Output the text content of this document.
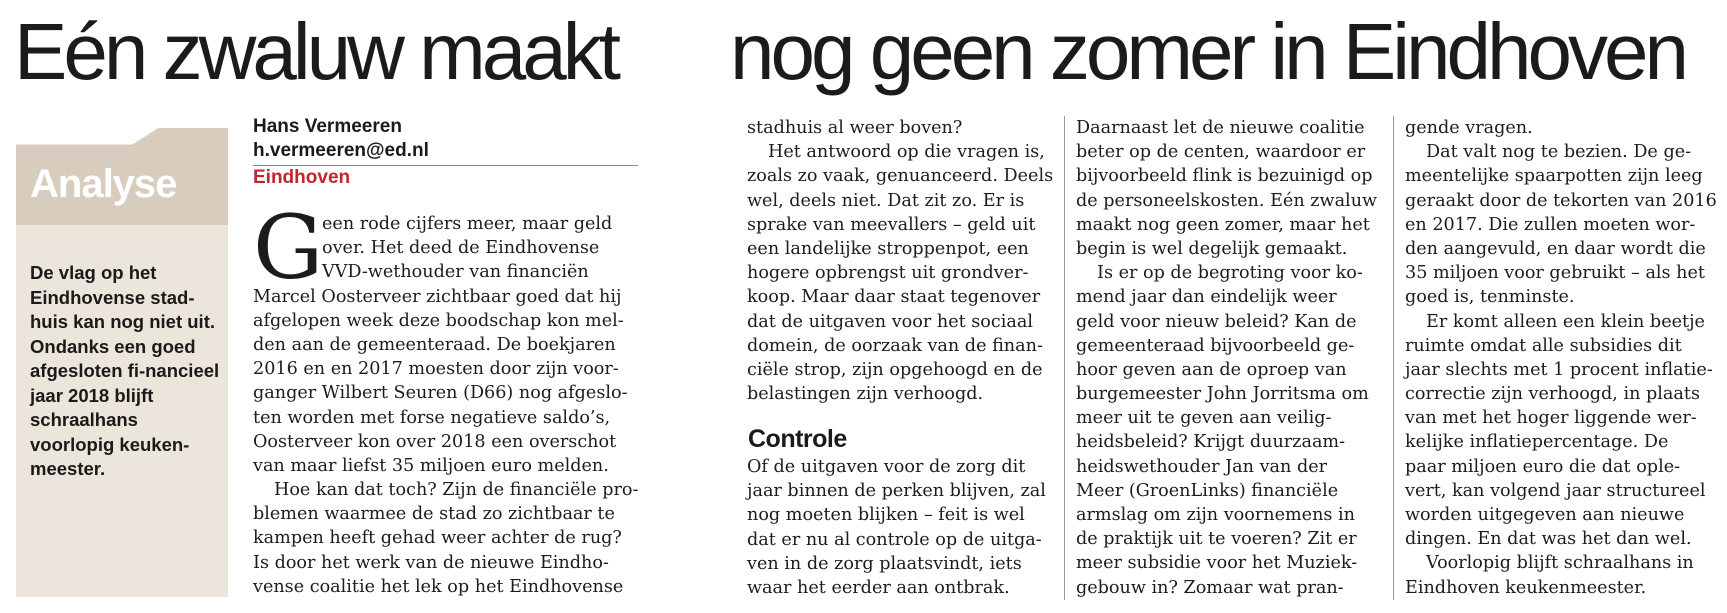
Eén zwaluw maakt nog geen zomer in Eindhoven

Analyse

De vlag op het Eindhovense stad-huis kan nog niet uit. Ondanks een goed afgesloten fi-nancieel jaar 2018 blijft schraalhans voorlopig keuken-meester.

Hans Vermeeren
h.vermeeren@ed.nl
Eindhoven
G
een rode cijfers meer, maar geld
over. Het deed de Eindhovense
VVD-wethouder van financiën
Marcel Oosterveer zichtbaar goed dat hij
afgelopen week deze boodschap kon mel-
den aan de gemeenteraad. De boekjaren
2016 en en 2017 moesten door zijn voor-
ganger Wilbert Seuren (D66) nog afgeslo-
ten worden met forse negatieve saldo’s,
Oosterveer kon over 2018 een overschot
van maar liefst 35 miljoen euro melden.
Hoe kan dat toch? Zijn de financiële pro-
blemen waarmee de stad zo zichtbaar te
kampen heeft gehad weer achter de rug?
Is door het werk van de nieuwe Eindho-
vense coalitie het lek op het Eindhovense
stadhuis al weer boven?
Het antwoord op die vragen is,
zoals zo vaak, genuanceerd. Deels
wel, deels niet. Dat zit zo. Er is
sprake van meevallers – geld uit
een landelijke stroppenpot, een
hogere opbrengst uit grondver-
koop. Maar daar staat tegenover
dat de uitgaven voor het sociaal
domein, de oorzaak van de finan-
ciële strop, zijn opgehoogd en de
belastingen zijn verhoogd.
Controle
Of de uitgaven voor de zorg dit
jaar binnen de perken blijven, zal
nog moeten blijken – feit is wel
dat er nu al controle op de uitga-
ven in de zorg plaatsvindt, iets
waar het eerder aan ontbrak.
Daarnaast let de nieuwe coalitie
beter op de centen, waardoor er
bijvoorbeeld flink is bezuinigd op
de personeelskosten. Eén zwaluw
maakt nog geen zomer, maar het
begin is wel degelijk gemaakt.
Is er op de begroting voor ko-
mend jaar dan eindelijk weer
geld voor nieuw beleid? Kan de
gemeenteraad bijvoorbeeld ge-
hoor geven aan de oproep van
burgemeester John Jorritsma om
meer uit te geven aan veilig-
heidsbeleid? Krijgt duurzaam-
heidswethouder Jan van der
Meer (GroenLinks) financiële
armslag om zijn voornemens in
de praktijk uit te voeren? Zit er
meer subsidie voor het Muziek-
gebouw in? Zomaar wat pran-
gende vragen.
Dat valt nog te bezien. De ge-
meentelijke spaarpotten zijn leeg
geraakt door de tekorten van 2016
en 2017. Die zullen moeten wor-
den aangevuld, en daar wordt die
35 miljoen voor gebruikt – als het
goed is, tenminste.
Er komt alleen een klein beetje
ruimte omdat alle subsidies dit
jaar slechts met 1 procent inflatie-
correctie zijn verhoogd, in plaats
van met het hoger liggende wer-
kelijke inflatiepercentage. De
paar miljoen euro die dat ople-
vert, kan volgend jaar structureel
worden uitgegeven aan nieuwe
dingen. En dat was het dan wel.
Voorlopig blijft schraalhans in
Eindhoven keukenmeester.
